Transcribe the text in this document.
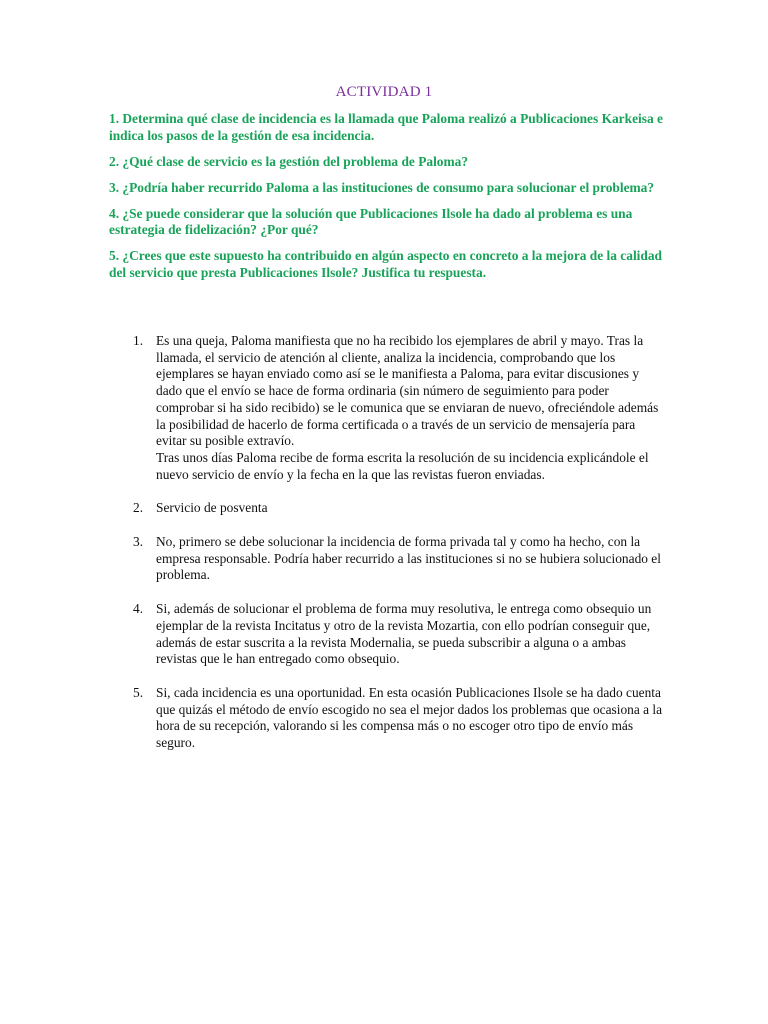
ACTIVIDAD 1
1. Determina qué clase de incidencia es la llamada que Paloma realizó a Publicaciones Karkeisa e indica los pasos de la gestión de esa incidencia.
2. ¿Qué clase de servicio es la gestión del problema de Paloma?
3. ¿Podría haber recurrido Paloma a las instituciones de consumo para solucionar el problema?
4. ¿Se puede considerar que la solución que Publicaciones Ilsole ha dado al problema es una estrategia de fidelización? ¿Por qué?
5. ¿Crees que este supuesto ha contribuido en algún aspecto en concreto a la mejora de la calidad del servicio que presta Publicaciones Ilsole? Justifica tu respuesta.
1. Es una queja, Paloma manifiesta que no ha recibido los ejemplares de abril y mayo. Tras la llamada, el servicio de atención al cliente, analiza la incidencia, comprobando que los ejemplares se hayan enviado como así se le manifiesta a Paloma, para evitar discusiones y dado que el envío se hace de forma ordinaria (sin número de seguimiento para poder comprobar si ha sido recibido) se le comunica que se enviaran de nuevo, ofreciéndole además la posibilidad de hacerlo de forma certificada o a través de un servicio de mensajería para evitar su posible extravío.

Tras unos días Paloma recibe de forma escrita la resolución de su incidencia explicándole el nuevo servicio de envío y la fecha en la que las revistas fueron enviadas.

2. Servicio de posventa

3. No, primero se debe solucionar la incidencia de forma privada tal y como ha hecho, con la empresa responsable. Podría haber recurrido a las instituciones si no se hubiera solucionado el problema.

4. Si, además de solucionar el problema de forma muy resolutiva, le entrega como obsequio un ejemplar de la revista Incitatus y otro de la revista Mozartia, con ello podrían conseguir que, además de estar suscrita a la revista Modernalia, se pueda subscribir a alguna o a ambas revistas que le han entregado como obsequio.

5. Si, cada incidencia es una oportunidad. En esta ocasión Publicaciones Ilsole se ha dado cuenta que quizás el método de envío escogido no sea el mejor dados los problemas que ocasiona a la hora de su recepción, valorando si les compensa más o no escoger otro tipo de envío más seguro.
